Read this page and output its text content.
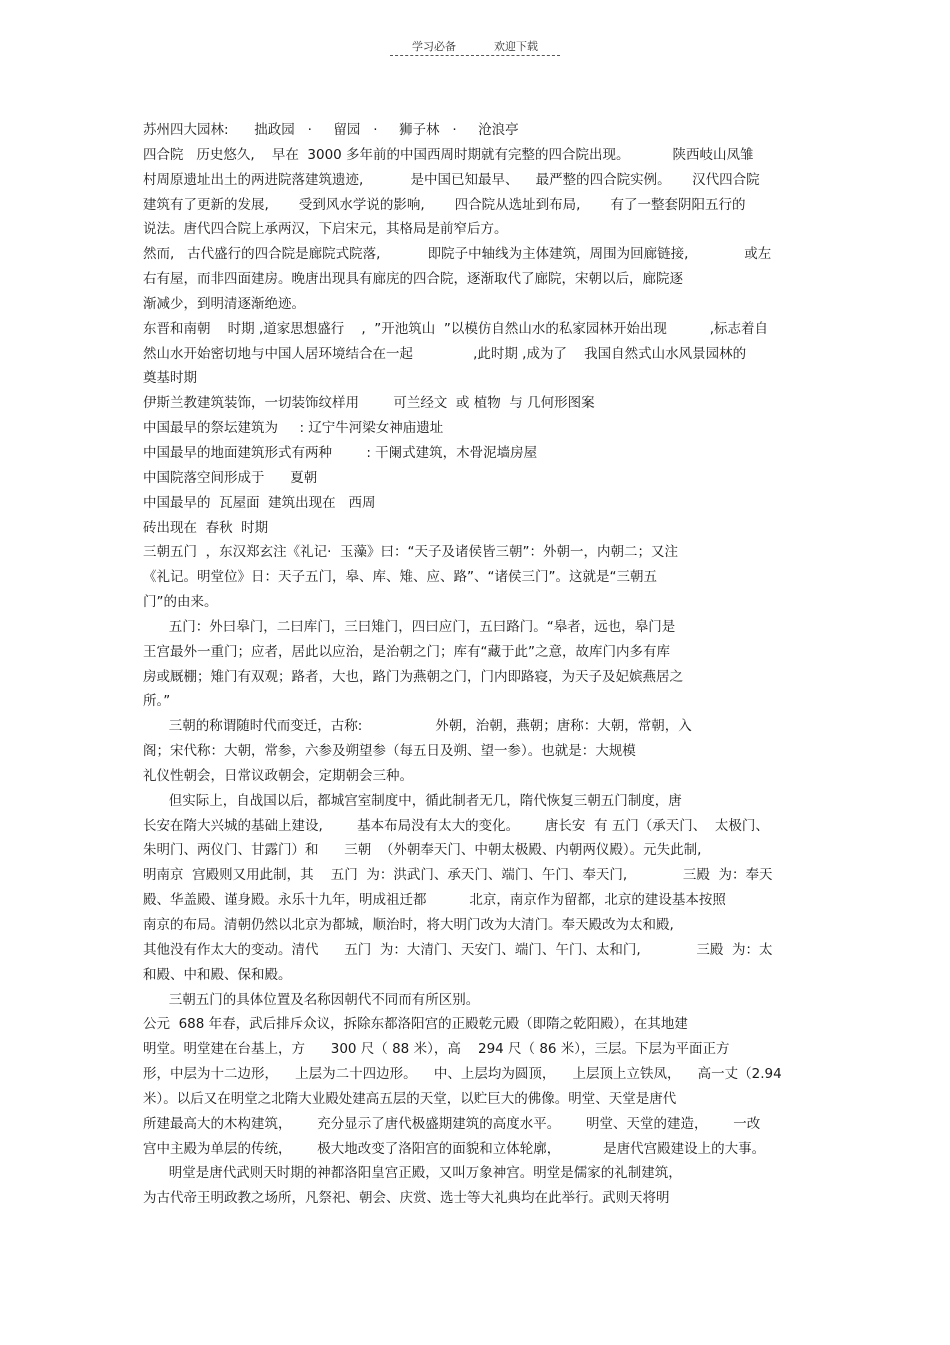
学习必备	欢迎下载
苏州四大园林:      拙政园   ·     留园   ·     狮子林   ·     沧浪亭
四合院   历史悠久,    早在  3000 多年前的中国西周时期就有完整的四合院出现。          陕西岐山凤雏
村周原遗址出土的两进院落建筑遗迹,           是中国已知最早、    最严整的四合院实例。     汉代四合院
建筑有了更新的发展,       受到风水学说的影响,       四合院从选址到布局,       有了一整套阴阳五行的
说法。唐代四合院上承两汉，下启宋元，其格局是前窄后方。
然而,   古代盛行的四合院是廊院式院落,           即院子中轴线为主体建筑，周围为回廊链接,             或左
右有屋，而非四面建房。晚唐出现具有廊庑的四合院，逐渐取代了廊院，宋朝以后，廊院逐
渐减少，到明清逐渐绝迹。
东晋和南朝    时期 ,道家思想盛行    ,  ”开池筑山  ”以模仿自然山水的私家园林开始出现          ,标志着自
然山水开始密切地与中国人居环境结合在一起              ,此时期 ,成为了    我国自然式山水风景园林的
奠基时期
伊斯兰教建筑装饰，一切装饰纹样用        可兰经文  或 植物  与 几何形图案
中国最早的祭坛建筑为     : 辽宁牛河梁女神庙遗址
中国最早的地面建筑形式有两种        : 干阑式建筑，木骨泥墙房屋
中国院落空间形成于      夏朝
中国最早的  瓦屋面  建筑出现在   西周
砖出现在  春秋  时期
三朝五门  ，东汉郑玄注《礼记·  玉藻》曰：“天子及诸侯皆三朝”：外朝一，内朝二；又注
《礼记。明堂位》日：天子五门，皋、库、雉、应、路”、“诸侯三门”。这就是“三朝五
门”的由来。
五门：外曰皋门，二曰库门，三曰雉门，四曰应门，五曰路门。“皋者，远也，皋门是
王宫最外一重门；应者，居此以应治，是治朝之门；库有“藏于此”之意，故库门内多有库
房或厩棚；雉门有双观；路者，大也，路门为燕朝之门，门内即路寝，为天子及妃嫔燕居之
所。”
三朝的称谓随时代而变迁，古称:                 外朝，治朝，燕朝；唐称：大朝，常朝，入
阁；宋代称：大朝，常参，六参及朔望参（每五日及朔、望一参）。也就是：大规模
礼仪性朝会，日常议政朝会，定期朝会三种。
但实际上，自战国以后，都城宫室制度中，循此制者无几，隋代恢复三朝五门制度，唐
长安在隋大兴城的基础上建设,        基本布局没有太大的变化。      唐长安  有 五门（承天门、  太极门、
朱明门、两仪门、甘露门）和      三朝  （外朝奉天门、中朝太极殿、内朝两仪殿）。元失此制,
明南京  宫殿则又用此制，其    五门  为：洪武门、承天门、端门、午门、奉天门,             三殿  为：奉天
殿、华盖殿、谨身殿。永乐十九年，明成祖迁都          北京，南京作为留都，北京的建设基本按照
南京的布局。清朝仍然以北京为都城，顺治时，将大明门改为大清门。奉天殿改为太和殿,
其他没有作太大的变动。清代      五门  为：大清门、天安门、端门、午门、太和门,             三殿  为：太
和殿、中和殿、保和殿。
三朝五门的具体位置及名称因朝代不同而有所区别。
公元  688 年春，武后排斥众议，拆除东都洛阳宫的正殿乾元殿（即隋之乾阳殿），在其地建
明堂。明堂建在台基上，方      300 尺（ 88 米），高    294 尺（ 86 米），三层。下层为平面正方
形，中层为十二边形，    上层为二十四边形。    中、上层均为圆顶，    上层顶上立铁凤，    高一丈（2.94
米）。以后又在明堂之北隋大业殿处建高五层的天堂，以贮巨大的佛像。明堂、天堂是唐代
所建最高大的木构建筑，      充分显示了唐代极盛期建筑的高度水平。      明堂、天堂的建造，      一改
宫中主殿为单层的传统，      极大地改变了洛阳宫的面貌和立体轮廓，          是唐代宫殿建设上的大事。
明堂是唐代武则天时期的神都洛阳皇宫正殿，又叫万象神宫。明堂是儒家的礼制建筑，
为古代帝王明政教之场所，凡祭祀、朝会、庆赏、选士等大礼典均在此举行。武则天将明
